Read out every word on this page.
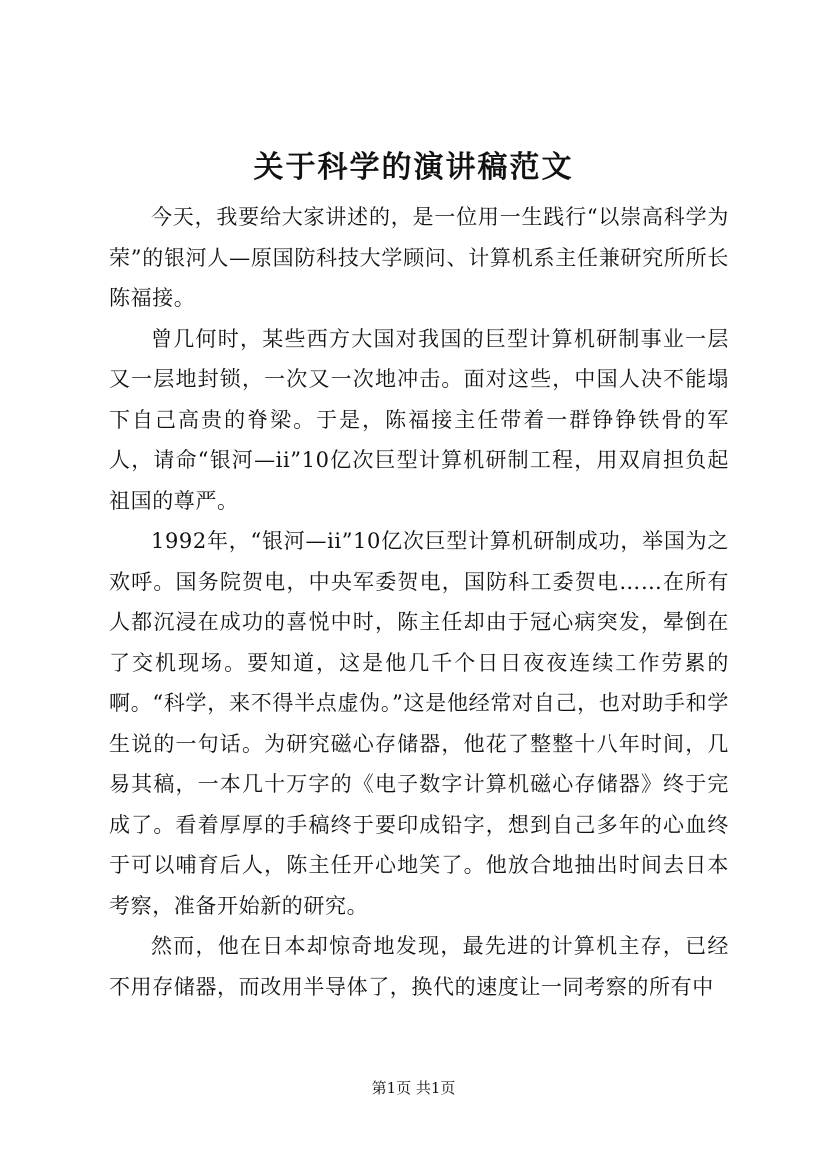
关于科学的演讲稿范文

今天，我要给大家讲述的，是一位用一生践行“以崇高科学为荣”的银河人—原国防科技大学顾问、计算机系主任兼研究所所长陈福接。

曾几何时，某些西方大国对我国的巨型计算机研制事业一层又一层地封锁，一次又一次地冲击。面对这些，中国人决不能塌下自己高贵的脊梁。于是，陈福接主任带着一群铮铮铁骨的军人，请命“银河—ii”10亿次巨型计算机研制工程，用双肩担负起祖国的尊严。

1992年，“银河—ii”10亿次巨型计算机研制成功，举国为之欢呼。国务院贺电，中央军委贺电，国防科工委贺电……在所有人都沉浸在成功的喜悦中时，陈主任却由于冠心病突发，晕倒在了交机现场。要知道，这是他几千个日日夜夜连续工作劳累的啊。“科学，来不得半点虚伪。”这是他经常对自己，也对助手和学生说的一句话。为研究磁心存储器，他花了整整十八年时间，几易其稿，一本几十万字的《电子数字计算机磁心存储器》终于完成了。看着厚厚的手稿终于要印成铅字，想到自己多年的心血终于可以哺育后人，陈主任开心地笑了。他放合地抽出时间去日本考察，准备开始新的研究。

然而，他在日本却惊奇地发现，最先进的计算机主存，已经不用存储器，而改用半导体了，换代的速度让一同考察的所有中

第1页 共1页
